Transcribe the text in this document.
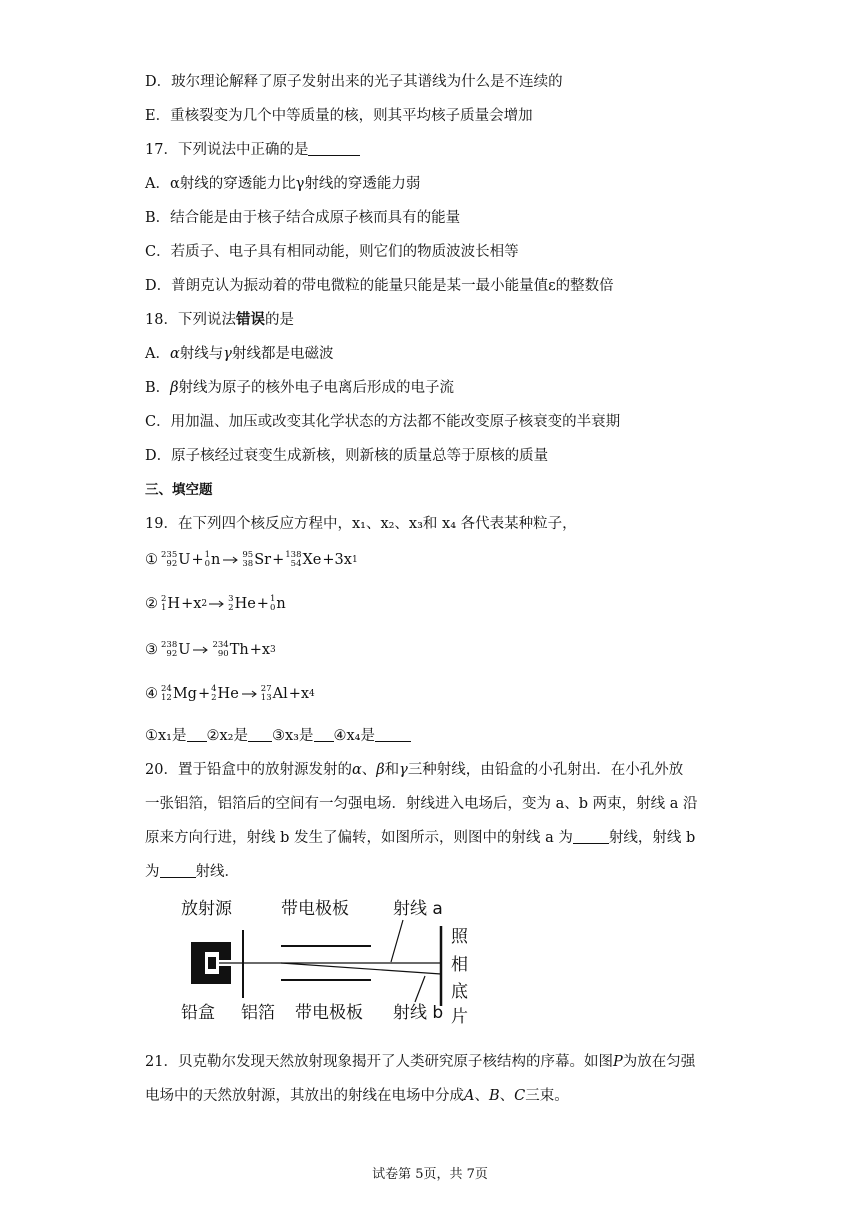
D．玻尔理论解释了原子发射出来的光子其谱线为什么是不连续的
E．重核裂变为几个中等质量的核，则其平均核子质量会增加
17．下列说法中正确的是
A．α射线的穿透能力比γ射线的穿透能力弱
B．结合能是由于核子结合成原子核而具有的能量
C．若质子、电子具有相同动能，则它们的物质波波长相等
D．普朗克认为振动着的带电微粒的能量只能是某一最小能量值ε的整数倍
18．下列说法错误的是
A．α射线与γ射线都是电磁波
B．β射线为原子的核外电子电离后形成的电子流
C．用加温、加压或改变其化学状态的方法都不能改变原子核衰变的半衰期
D．原子核经过衰变生成新核，则新核的质量总等于原核的质量
三、填空题
19．在下列四个核反应方程中，x₁、x₂、x₃和 x₄ 各代表某种粒子，
① 235
92 U + 1
0 n	95
38 Sr + 138
54 Xe +3x 1
② 2
1 H +x 2 3
2 He + 1
0 n
③ 238
92 U	234
90 Th +x 3
④ 24
12 Mg + 4
2 He	27
13 Al +x 4
①x₁是 ②x₂是 ③x₃是 ④x₄是
20．置于铅盒中的放射源发射的α、β和γ三种射线，由铅盒的小孔射出．在小孔外放
一张铝箔，铝箔后的空间有一匀强电场．射线进入电场后，变为 a、b 两束，射线 a 沿
原来方向行进，射线 b 发生了偏转，如图所示，则图中的射线 a 为 射线，射线 b
为 射线．
放射源	带电极板	射线 a
铅盒 铝箔 带电极板 射线 b
照
相
底
片
21．贝克勒尔发现天然放射现象揭开了人类研究原子核结构的序幕。如图P为放在匀强
电场中的天然放射源，其放出的射线在电场中分成A、B、C三束。
试卷第 5页，共 7页
